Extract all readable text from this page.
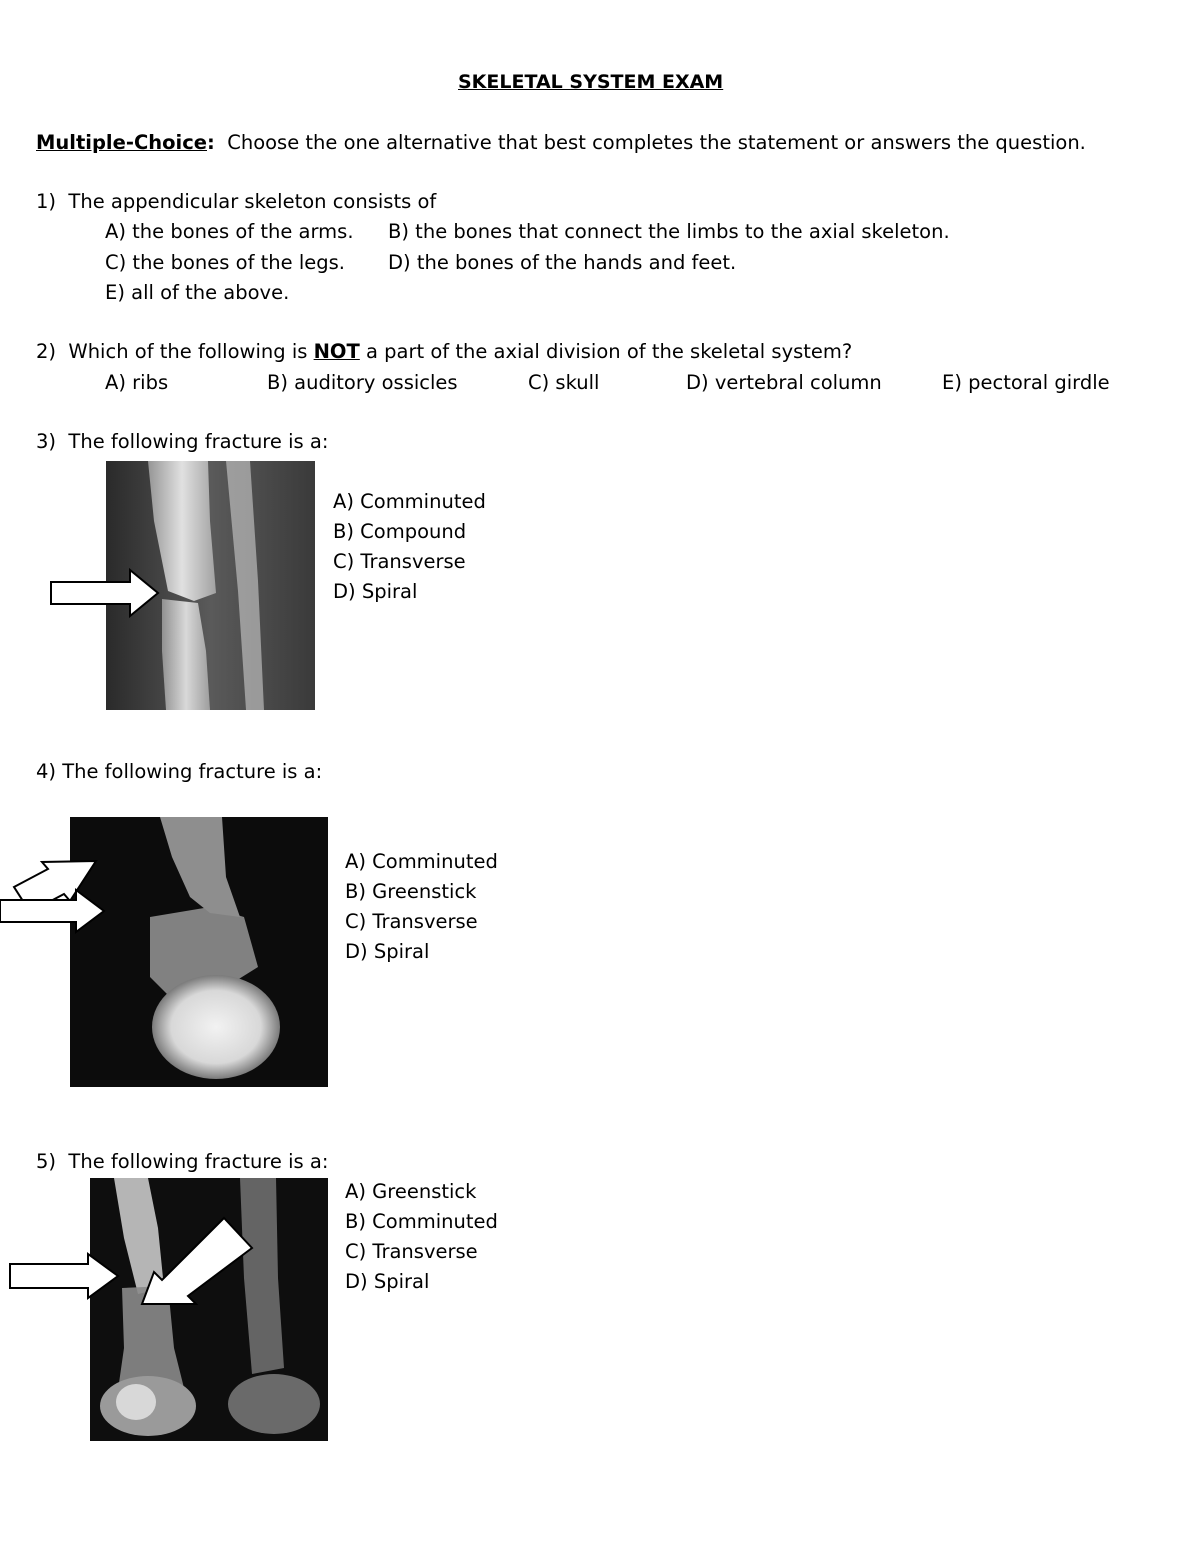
SKELETAL SYSTEM EXAM
Multiple-Choice: Choose the one alternative that best completes the statement or answers the question.
1) The appendicular skeleton consists of
A) the bones of the arms. B) the bones that connect the limbs to the axial skeleton.
C) the bones of the legs. D) the bones of the hands and feet.
E) all of the above.
2) Which of the following is NOT a part of the axial division of the skeletal system?
A) ribs	B) auditory ossicles	C) skull	D) vertebral column	E) pectoral girdle
3) The following fracture is a:
A) Comminuted
B) Compound
C) Transverse
D) Spiral
4) The following fracture is a:
A) Comminuted
B) Greenstick
C) Transverse
D) Spiral
5) The following fracture is a:
A) Greenstick
B) Comminuted
C) Transverse
D) Spiral
